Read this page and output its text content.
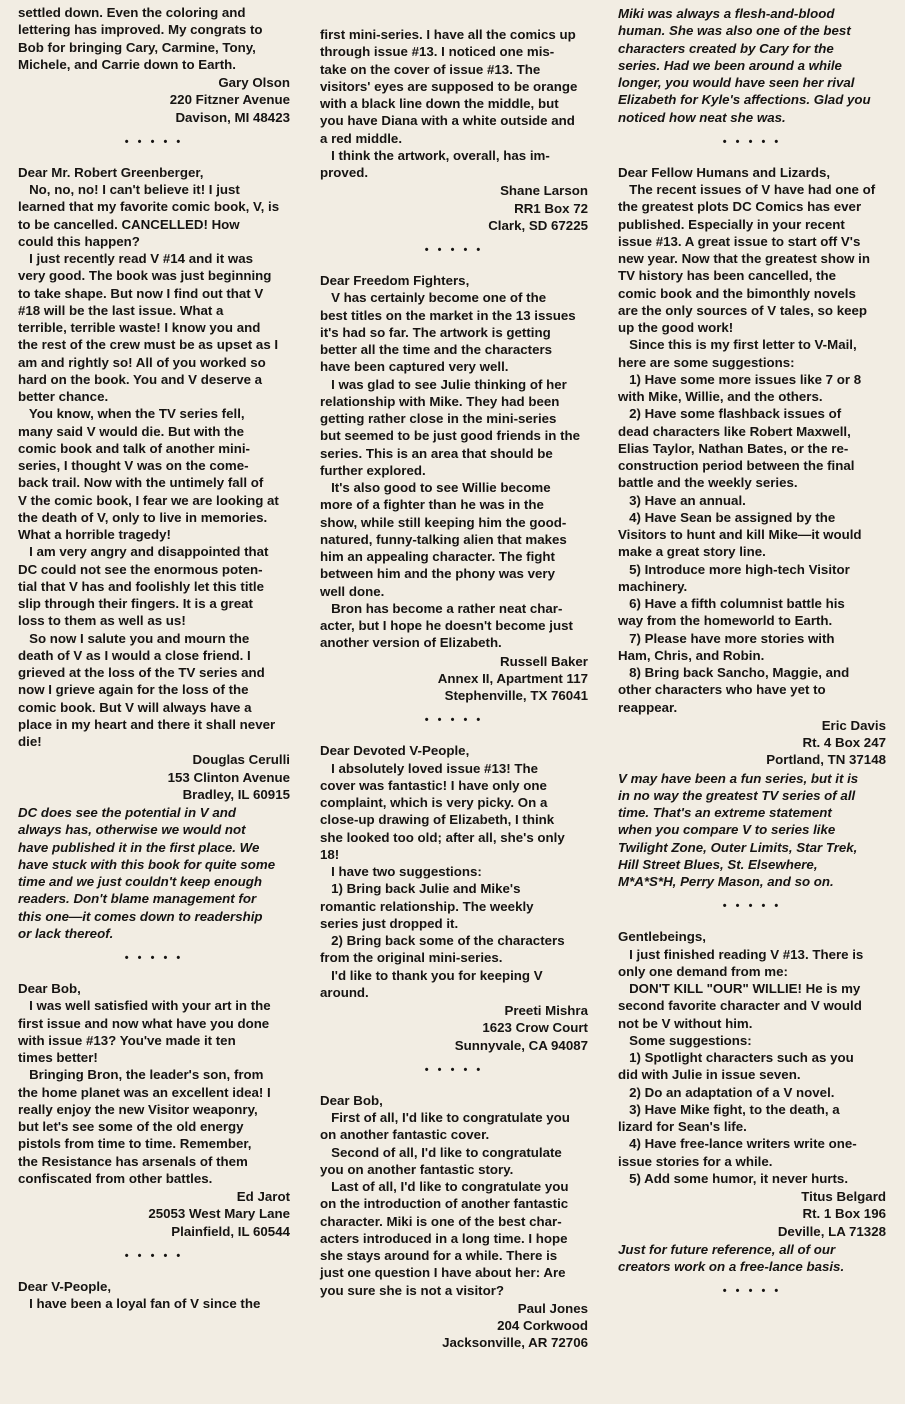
settled down. Even the coloring and
lettering has improved. My congrats to
Bob for bringing Cary, Carmine, Tony,
Michele, and Carrie down to Earth.
Gary Olson
220 Fitzner Avenue
Davison, MI 48423
• • • • •
Dear Mr. Robert Greenberger,
No, no, no! I can't believe it! I just
learned that my favorite comic book, V, is
to be cancelled. CANCELLED! How
could this happen?
I just recently read V #14 and it was
very good. The book was just beginning
to take shape. But now I find out that V
#18 will be the last issue. What a
terrible, terrible waste! I know you and
the rest of the crew must be as upset as I
am and rightly so! All of you worked so
hard on the book. You and V deserve a
better chance.
You know, when the TV series fell,
many said V would die. But with the
comic book and talk of another mini-
series, I thought V was on the come-
back trail. Now with the untimely fall of
V the comic book, I fear we are looking at
the death of V, only to live in memories.
What a horrible tragedy!
I am very angry and disappointed that
DC could not see the enormous poten-
tial that V has and foolishly let this title
slip through their fingers. It is a great
loss to them as well as us!
So now I salute you and mourn the
death of V as I would a close friend. I
grieved at the loss of the TV series and
now I grieve again for the loss of the
comic book. But V will always have a
place in my heart and there it shall never
die!
Douglas Cerulli
153 Clinton Avenue
Bradley, IL 60915
DC does see the potential in V and
always has, otherwise we would not
have published it in the first place. We
have stuck with this book for quite some
time and we just couldn't keep enough
readers. Don't blame management for
this one—it comes down to readership
or lack thereof.
• • • • •
Dear Bob,
I was well satisfied with your art in the
first issue and now what have you done
with issue #13? You've made it ten
times better!
Bringing Bron, the leader's son, from
the home planet was an excellent idea! I
really enjoy the new Visitor weaponry,
but let's see some of the old energy
pistols from time to time. Remember,
the Resistance has arsenals of them
confiscated from other battles.
Ed Jarot
25053 West Mary Lane
Plainfield, IL 60544
• • • • •
Dear V-People,
I have been a loyal fan of V since the
first mini-series. I have all the comics up
through issue #13. I noticed one mis-
take on the cover of issue #13. The
visitors' eyes are supposed to be orange
with a black line down the middle, but
you have Diana with a white outside and
a red middle.
I think the artwork, overall, has im-
proved.
Shane Larson
RR1 Box 72
Clark, SD 67225
• • • • •
Dear Freedom Fighters,
V has certainly become one of the
best titles on the market in the 13 issues
it's had so far. The artwork is getting
better all the time and the characters
have been captured very well.
I was glad to see Julie thinking of her
relationship with Mike. They had been
getting rather close in the mini-series
but seemed to be just good friends in the
series. This is an area that should be
further explored.
It's also good to see Willie become
more of a fighter than he was in the
show, while still keeping him the good-
natured, funny-talking alien that makes
him an appealing character. The fight
between him and the phony was very
well done.
Bron has become a rather neat char-
acter, but I hope he doesn't become just
another version of Elizabeth.
Russell Baker
Annex II, Apartment 117
Stephenville, TX 76041
• • • • •
Dear Devoted V-People,
I absolutely loved issue #13! The
cover was fantastic! I have only one
complaint, which is very picky. On a
close-up drawing of Elizabeth, I think
she looked too old; after all, she's only
18!
I have two suggestions:
1) Bring back Julie and Mike's
romantic relationship. The weekly
series just dropped it.
2) Bring back some of the characters
from the original mini-series.
I'd like to thank you for keeping V
around.
Preeti Mishra
1623 Crow Court
Sunnyvale, CA 94087
• • • • •
Dear Bob,
First of all, I'd like to congratulate you
on another fantastic cover.
Second of all, I'd like to congratulate
you on another fantastic story.
Last of all, I'd like to congratulate you
on the introduction of another fantastic
character. Miki is one of the best char-
acters introduced in a long time. I hope
she stays around for a while. There is
just one question I have about her: Are
you sure she is not a visitor?
Paul Jones
204 Corkwood
Jacksonville, AR 72706
Miki was always a flesh-and-blood
human. She was also one of the best
characters created by Cary for the
series. Had we been around a while
longer, you would have seen her rival
Elizabeth for Kyle's affections. Glad you
noticed how neat she was.
• • • • •
Dear Fellow Humans and Lizards,
The recent issues of V have had one of
the greatest plots DC Comics has ever
published. Especially in your recent
issue #13. A great issue to start off V's
new year. Now that the greatest show in
TV history has been cancelled, the
comic book and the bimonthly novels
are the only sources of V tales, so keep
up the good work!
Since this is my first letter to V-Mail,
here are some suggestions:
1) Have some more issues like 7 or 8
with Mike, Willie, and the others.
2) Have some flashback issues of
dead characters like Robert Maxwell,
Elias Taylor, Nathan Bates, or the re-
construction period between the final
battle and the weekly series.
3) Have an annual.
4) Have Sean be assigned by the
Visitors to hunt and kill Mike—it would
make a great story line.
5) Introduce more high-tech Visitor
machinery.
6) Have a fifth columnist battle his
way from the homeworld to Earth.
7) Please have more stories with
Ham, Chris, and Robin.
8) Bring back Sancho, Maggie, and
other characters who have yet to
reappear.
Eric Davis
Rt. 4 Box 247
Portland, TN 37148
V may have been a fun series, but it is
in no way the greatest TV series of all
time. That's an extreme statement
when you compare V to series like
Twilight Zone, Outer Limits, Star Trek,
Hill Street Blues, St. Elsewhere,
M*A*S*H, Perry Mason, and so on.
• • • • •
Gentlebeings,
I just finished reading V #13. There is
only one demand from me:
DON'T KILL "OUR" WILLIE! He is my
second favorite character and V would
not be V without him.
Some suggestions:
1) Spotlight characters such as you
did with Julie in issue seven.
2) Do an adaptation of a V novel.
3) Have Mike fight, to the death, a
lizard for Sean's life.
4) Have free-lance writers write one-
issue stories for a while.
5) Add some humor, it never hurts.
Titus Belgard
Rt. 1 Box 196
Deville, LA 71328
Just for future reference, all of our
creators work on a free-lance basis.
• • • • •
